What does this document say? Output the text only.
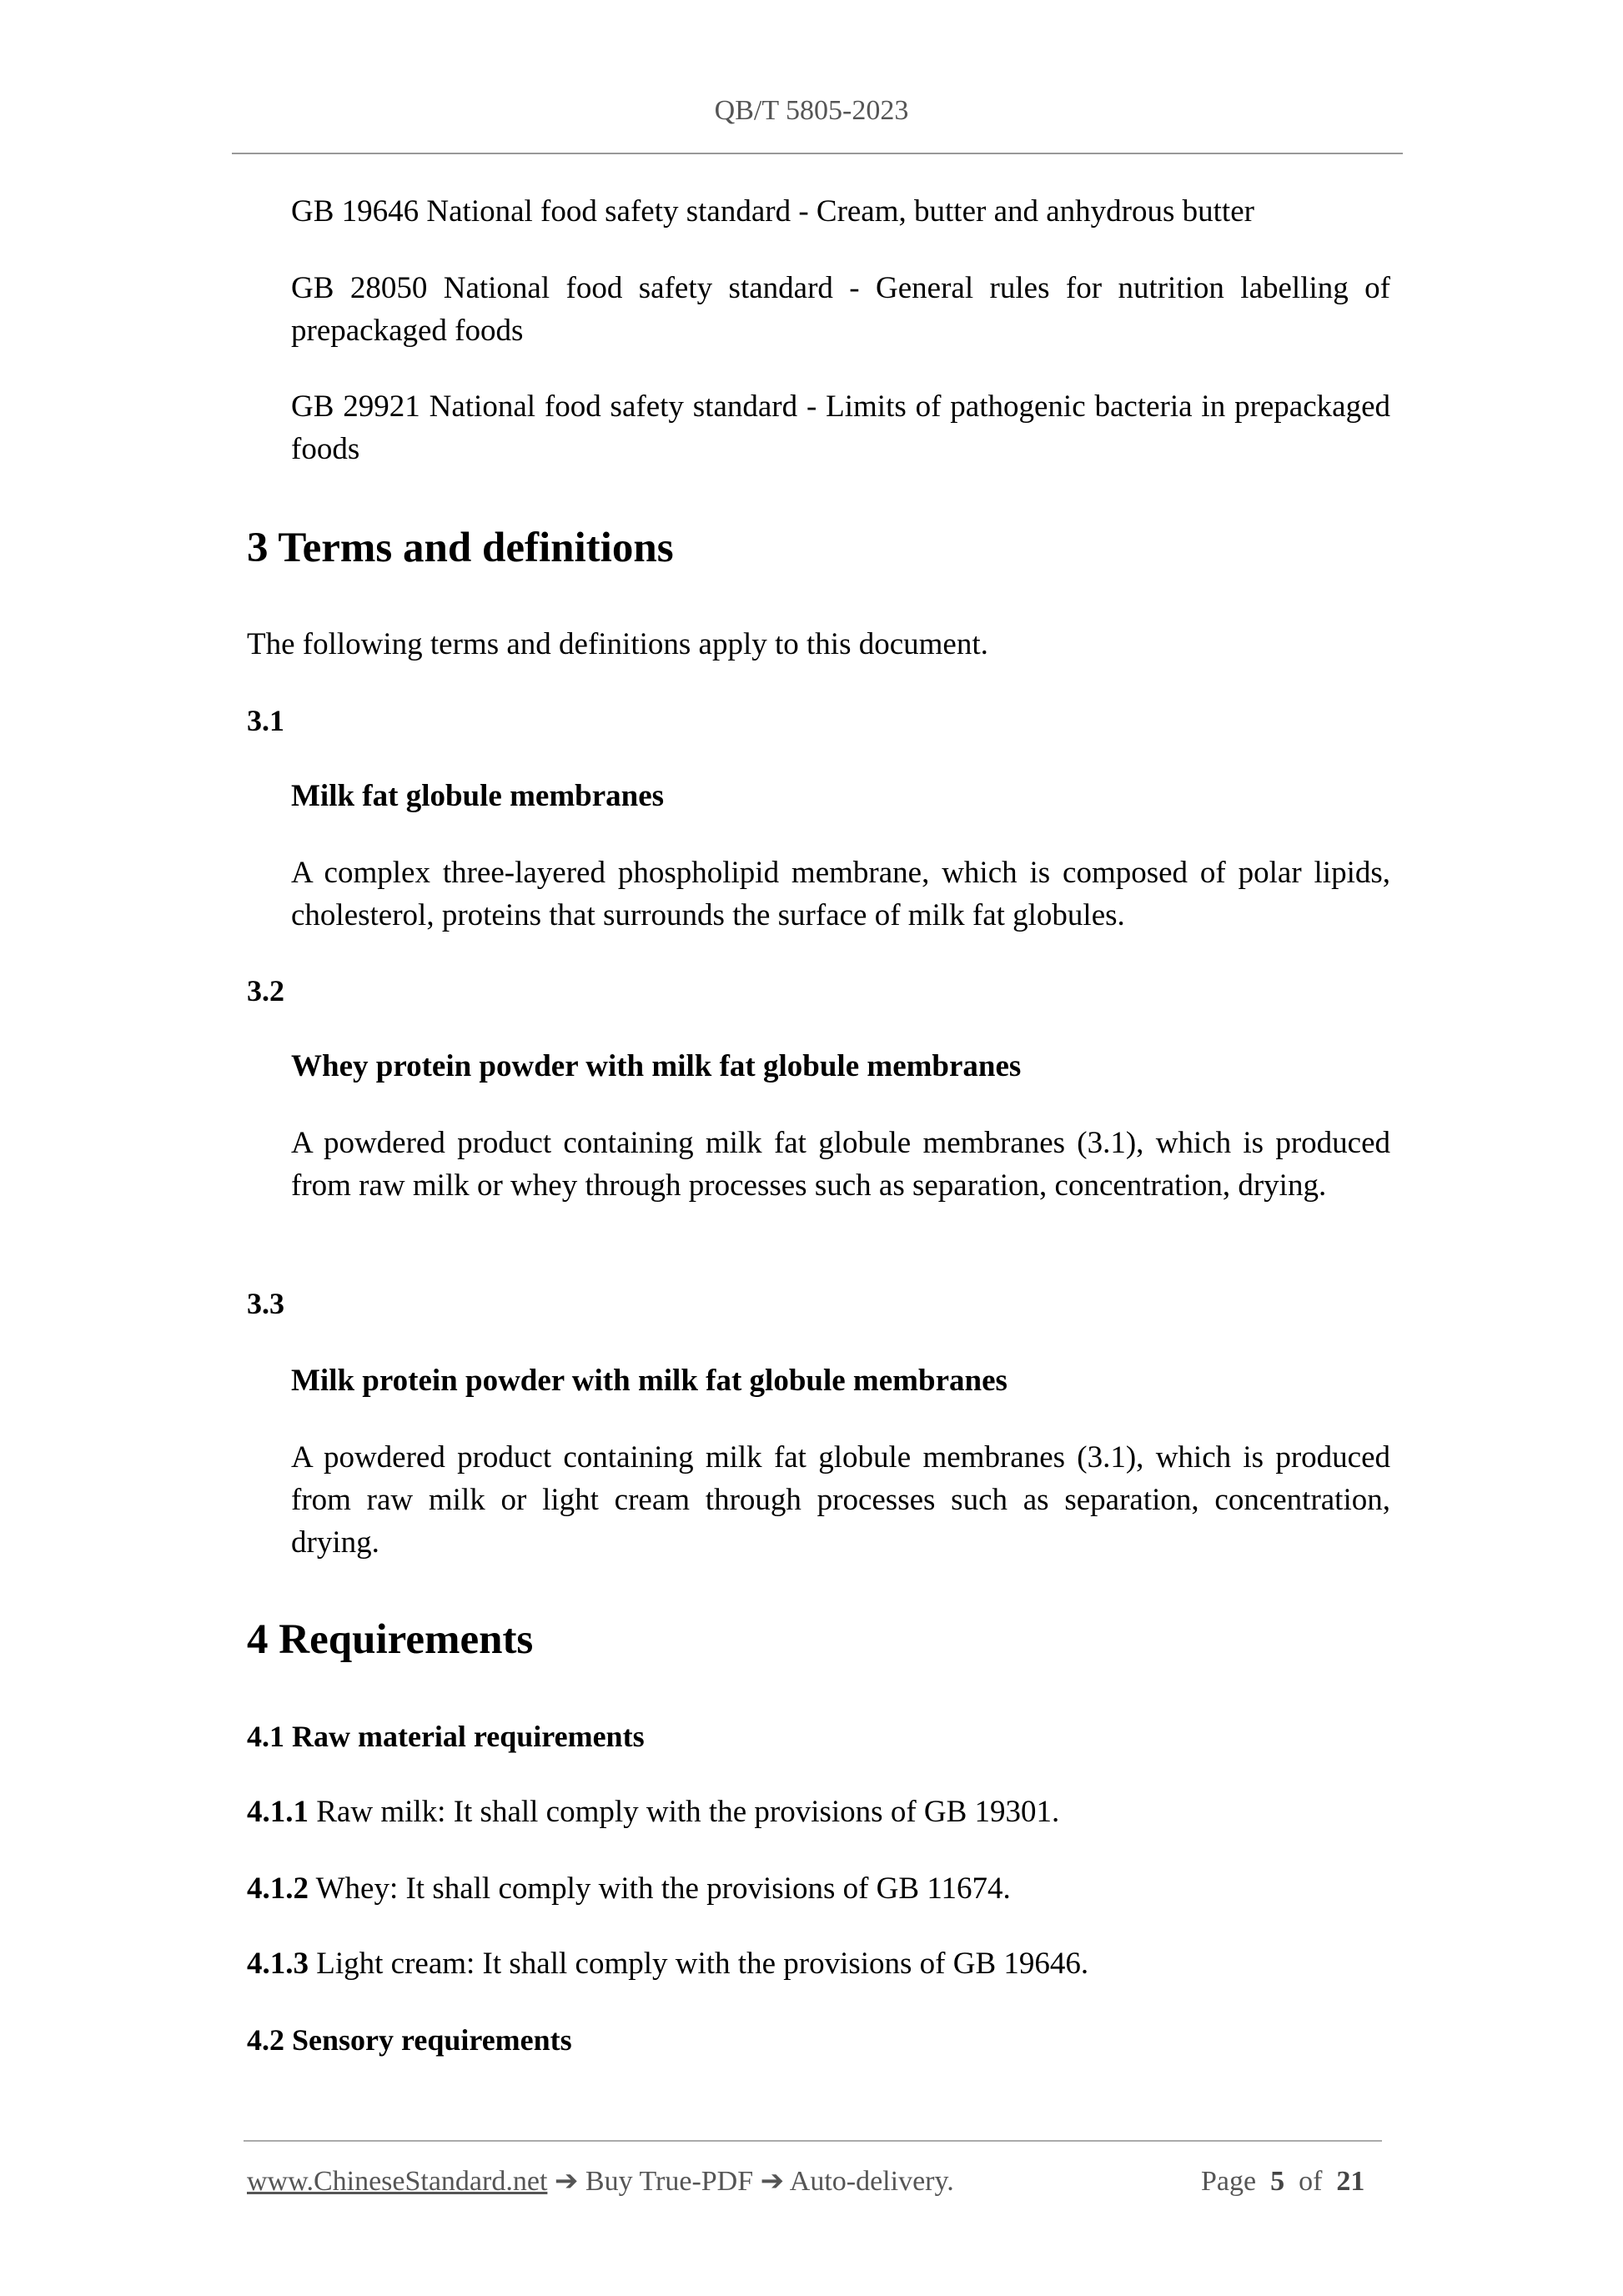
QB/T 5805-2023
GB 19646 National food safety standard - Cream, butter and anhydrous butter
GB 28050 National food safety standard - General rules for nutrition labelling of prepackaged foods
GB 29921 National food safety standard - Limits of pathogenic bacteria in prepackaged foods
3 Terms and definitions
The following terms and definitions apply to this document.
3.1
Milk fat globule membranes
A complex three-layered phospholipid membrane, which is composed of polar lipids, cholesterol, proteins that surrounds the surface of milk fat globules.
3.2
Whey protein powder with milk fat globule membranes
A powdered product containing milk fat globule membranes (3.1), which is produced from raw milk or whey through processes such as separation, concentration, drying.
3.3
Milk protein powder with milk fat globule membranes
A powdered product containing milk fat globule membranes (3.1), which is produced from raw milk or light cream through processes such as separation, concentration, drying.
4 Requirements
4.1 Raw material requirements
4.1.1 Raw milk: It shall comply with the provisions of GB 19301.
4.1.2 Whey: It shall comply with the provisions of GB 11674.
4.1.3 Light cream: It shall comply with the provisions of GB 19646.
4.2 Sensory requirements
www.ChineseStandard.net ➔ Buy True-PDF ➔ Auto-delivery.	Page 5 of 21
